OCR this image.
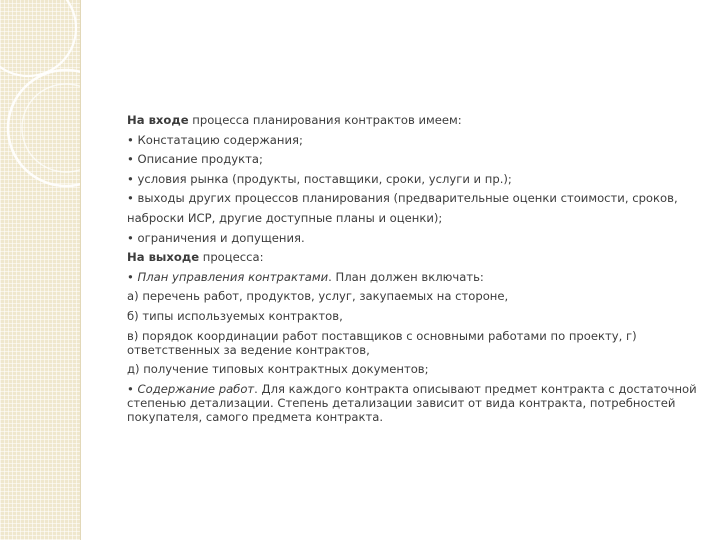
На входе процесса планирования контрактов имеем:

• Констатацию содержания;

• Описание продукта;

• условия рынка (продукты, поставщики, сроки, услуги и пр.);

• выходы других процессов планирования (предварительные оценки стоимости, сроков,

наброски ИСР, другие доступные планы и оценки);

• ограничения и допущения.

На выходе процесса:

• План управления контрактами. План должен включать:

а) перечень работ, продуктов, услуг, закупаемых на стороне,

б) типы используемых контрактов,

в) порядок координации работ поставщиков с основными работами по проекту, г) ответственных за ведение контрактов,

д) получение типовых контрактных документов;

• Содержание работ. Для каждого контракта описывают предмет контракта с достаточной степенью детализации. Степень детализации зависит от вида контракта, потребностей покупателя, самого предмета контракта.
